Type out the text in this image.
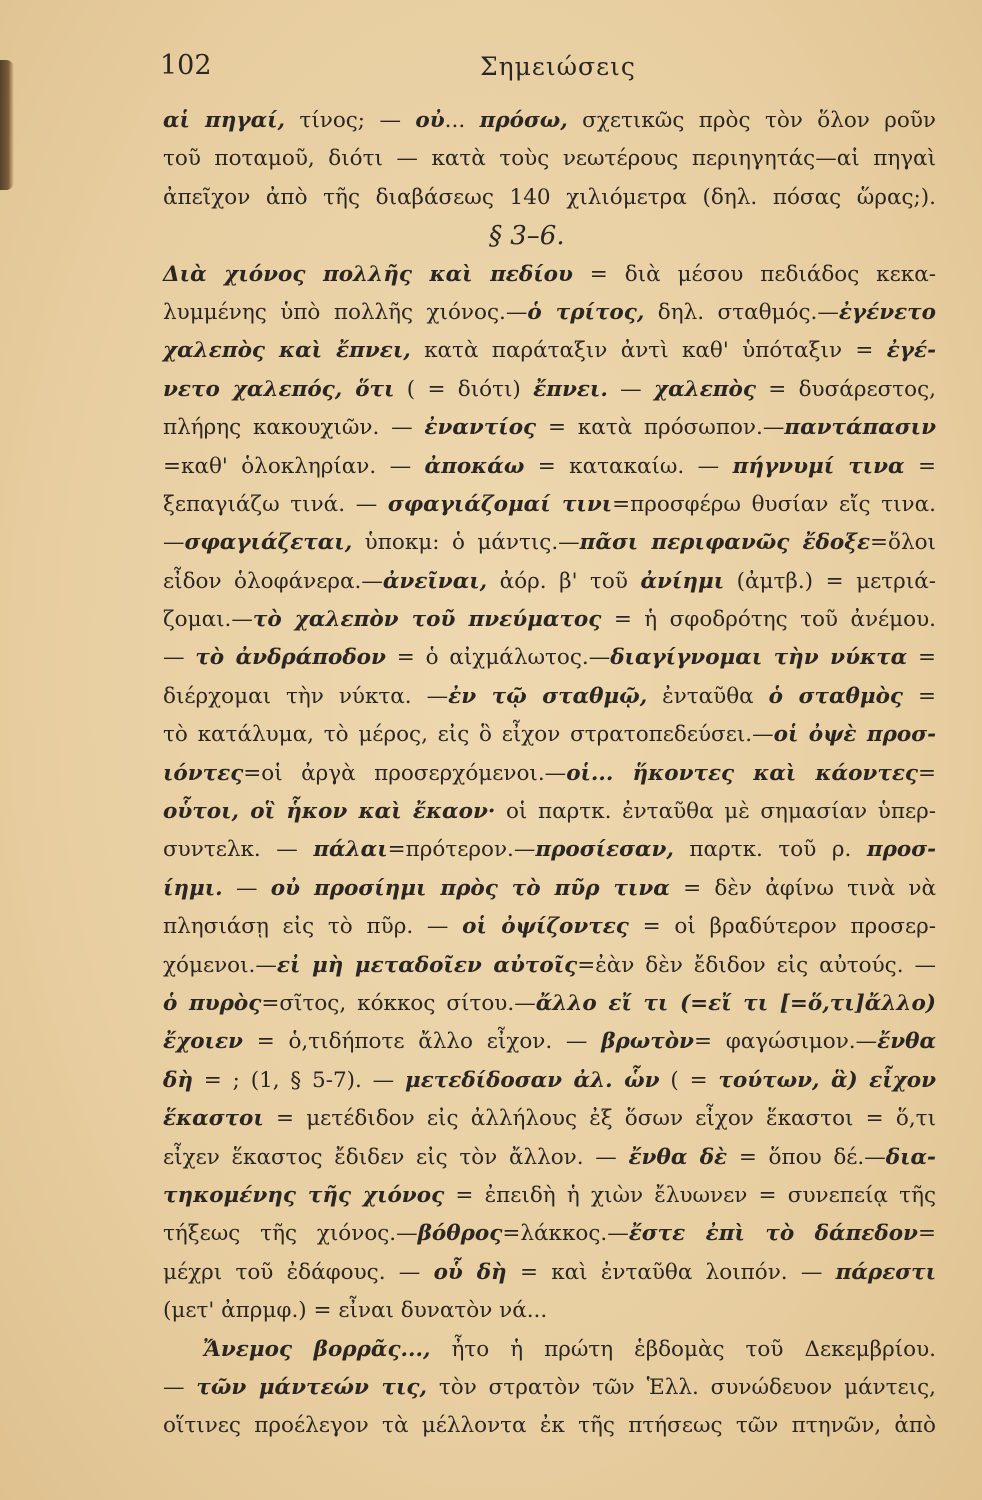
102	Σημειώσεις
αἱ πηγαί, τίνος; — οὐ... πρόσω, σχετικῶς πρὸς τὸν ὅλον ροῦν
τοῦ ποταμοῦ, διότι — κατὰ τοὺς νεωτέρους περιηγητάς—αἱ πηγαὶ
ἀπεῖχον ἀπὸ τῆς διαβάσεως 140 χιλιόμετρα (δηλ. πόσας ὥρας;).
§ 3–6.
Διὰ χιόνος πολλῆς καὶ πεδίου = διὰ μέσου πεδιάδος κεκα-
λυμμένης ὑπὸ πολλῆς χιόνος.—ὁ τρίτος, δηλ. σταθμός.—ἐγένετο
χαλεπὸς καὶ ἔπνει, κατὰ παράταξιν ἀντὶ καθ' ὑπόταξιν = ἐγέ-
νετο χαλεπός, ὅτι ( = διότι) ἔπνει. — χαλεπὸς = δυσάρεστος,
πλήρης κακουχιῶν. — ἐναντίος = κατὰ πρόσωπον.—παντάπασιν
=καθ' ὁλοκληρίαν. — ἀποκάω = κατακαίω. — πήγνυμί τινα =
ξεπαγιάζω τινά. — σφαγιάζομαί τινι=προσφέρω θυσίαν εἴς τινα.
—σφαγιάζεται, ὑποκμ: ὁ μάντις.—πᾶσι περιφανῶς ἔδοξε=ὅλοι
εἶδον ὁλοφάνερα.—ἀνεῖναι, ἀόρ. β' τοῦ ἀνίημι (ἀμτβ.) = μετριά-
ζομαι.—τὸ χαλεπὸν τοῦ πνεύματος = ἡ σφοδρότης τοῦ ἀνέμου.
— τὸ ἀνδράποδον = ὁ αἰχμάλωτος.—διαγίγνομαι τὴν νύκτα =
διέρχομαι τὴν νύκτα. —ἐν τῷ σταθμῷ, ἐνταῦθα ὁ σταθμὸς =
τὸ κατάλυμα, τὸ μέρος, εἰς ὃ εἶχον στρατοπεδεύσει.—οἱ ὀψὲ προσ-
ιόντες=οἱ ἀργὰ προσερχόμενοι.—οἱ... ἥκοντες καὶ κάοντες=
οὗτοι, οἳ ἧκον καὶ ἔκαον· οἱ παρτκ. ἐνταῦθα μὲ σημασίαν ὑπερ-
συντελκ. — πάλαι=πρότερον.—προσίεσαν, παρτκ. τοῦ ρ. προσ-
ίημι. — οὐ προσίημι πρὸς τὸ πῦρ τινα = δὲν ἀφίνω τινὰ νὰ
πλησιάσῃ εἰς τὸ πῦρ. — οἱ ὀψίζοντες = οἱ βραδύτερον προσερ-
χόμενοι.—εἰ μὴ μεταδοῖεν αὐτοῖς=ἐὰν δὲν ἔδιδον εἰς αὐτούς. —
ὁ πυρὸς=σῖτος, κόκκος σίτου.—ἄλλο εἴ τι (=εἴ τι [=ὅ,τι]ἄλλο)
ἔχοιεν = ὁ,τιδήποτε ἄλλο εἶχον. — βρωτὸν= φαγώσιμον.—ἔνθα
δὴ = ; (1, § 5-7). — μετεδίδοσαν ἀλ. ὧν ( = τούτων, ἃ) εἶχον
ἕκαστοι = μετέδιδον εἰς ἀλλήλους ἐξ ὅσων εἶχον ἕκαστοι = ὅ,τι
εἶχεν ἕκαστος ἔδιδεν εἰς τὸν ἄλλον. — ἔνθα δὲ = ὅπου δέ.—δια-
τηκομένης τῆς χιόνος = ἐπειδὴ ἡ χιὼν ἔλυωνεν = συνεπείᾳ τῆς
τήξεως τῆς χιόνος.—βόθρος=λάκκος.—ἔστε ἐπὶ τὸ δάπεδον=
μέχρι τοῦ ἐδάφους. — οὗ δὴ = καὶ ἐνταῦθα λοιπόν. — πάρεστι
(μετ' ἀπρμφ.) = εἶναι δυνατὸν νά...
Ἄνεμος βορρᾶς..., ἦτο ἡ πρώτη ἑβδομὰς τοῦ Δεκεμβρίου.
— τῶν μάντεών τις, τὸν στρατὸν τῶν Ἑλλ. συνώδευον μάντεις,
οἵτινες προέλεγον τὰ μέλλοντα ἐκ τῆς πτήσεως τῶν πτηνῶν, ἀπὸ
